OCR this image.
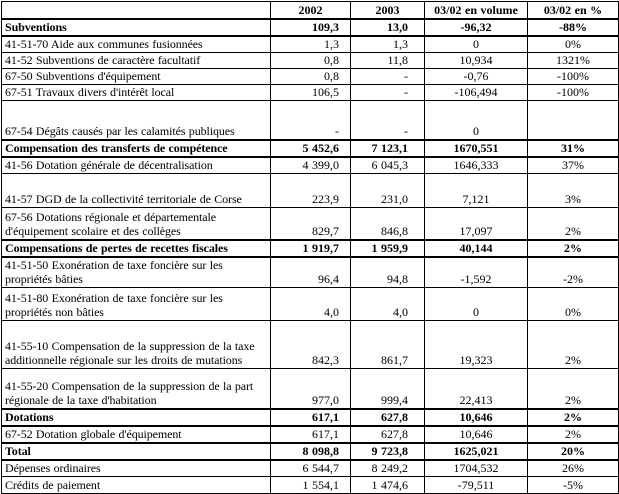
	2002	2003	03/02 en volume	03/02 en %
Subventions	109,3	13,0	-96,32	-88%
41-51-70 Aide aux communes fusionnées	1,3	1,3	0	0%
41-52 Subventions de caractère facultatif	0,8	11,8	10,934	1321%
67-50 Subventions d'équipement	0,8	-	-0,76	-100%
67-51 Travaux divers d'intérêt local	106,5	-	-106,494	-100%
67-54 Dégâts causés par les calamités publiques	-	-	0	
Compensation des transferts de compétence	5 452,6	7 123,1	1670,551	31%
41-56 Dotation générale de décentralisation	4 399,0	6 045,3	1646,333	37%
41-57 DGD de la collectivité territoriale de Corse	223,9	231,0	7,121	3%
67-56 Dotations régionale et départementale d'équipement scolaire et des collèges	829,7	846,8	17,097	2%
Compensations de pertes de recettes fiscales	1 919,7	1 959,9	40,144	2%
41-51-50 Exonération de taxe foncière sur les propriétés bâties	96,4	94,8	-1,592	-2%
41-51-80 Exonération de taxe foncière sur les propriétés non bâties	4,0	4,0	0	0%
41-55-10 Compensation de la suppression de la taxe additionnelle régionale sur les droits de mutations	842,3	861,7	19,323	2%
41-55-20 Compensation de la suppression de la part régionale de la taxe d'habitation	977,0	999,4	22,413	2%
Dotations	617,1	627,8	10,646	2%
67-52 Dotation globale d'équipement	617,1	627,8	10,646	2%
Total	8 098,8	9 723,8	1625,021	20%
Dépenses ordinaires	6 544,7	8 249,2	1704,532	26%
Crédits de paiement	1 554,1	1 474,6	-79,511	-5%
